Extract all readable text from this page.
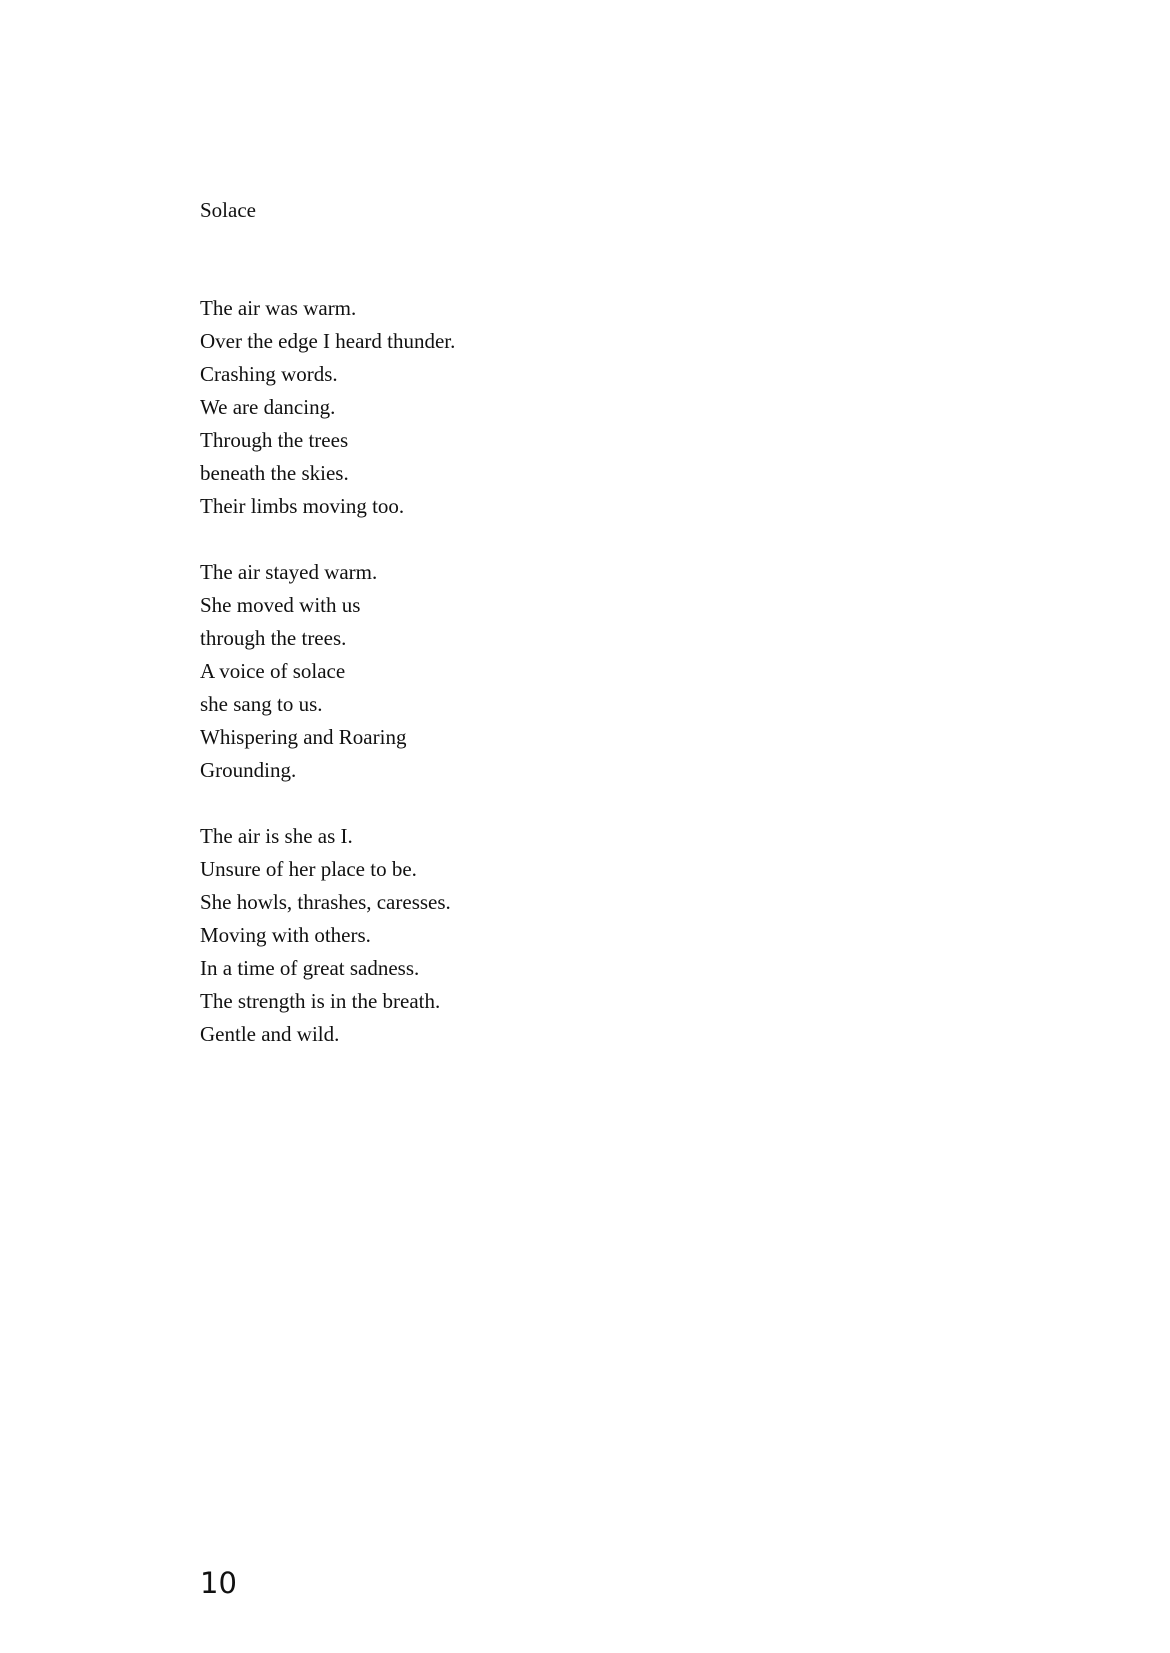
Solace
The air was warm.
Over the edge I heard thunder.
Crashing words.
We are dancing.
Through the trees
beneath the skies.
Their limbs moving too.
The air stayed warm.
She moved with us
through the trees.
A voice of solace
she sang to us.
Whispering and Roaring
Grounding.
The air is she as I.
Unsure of her place to be.
She howls, thrashes, caresses.
Moving with others.
In a time of great sadness.
The strength is in the breath.
Gentle and wild.
10
